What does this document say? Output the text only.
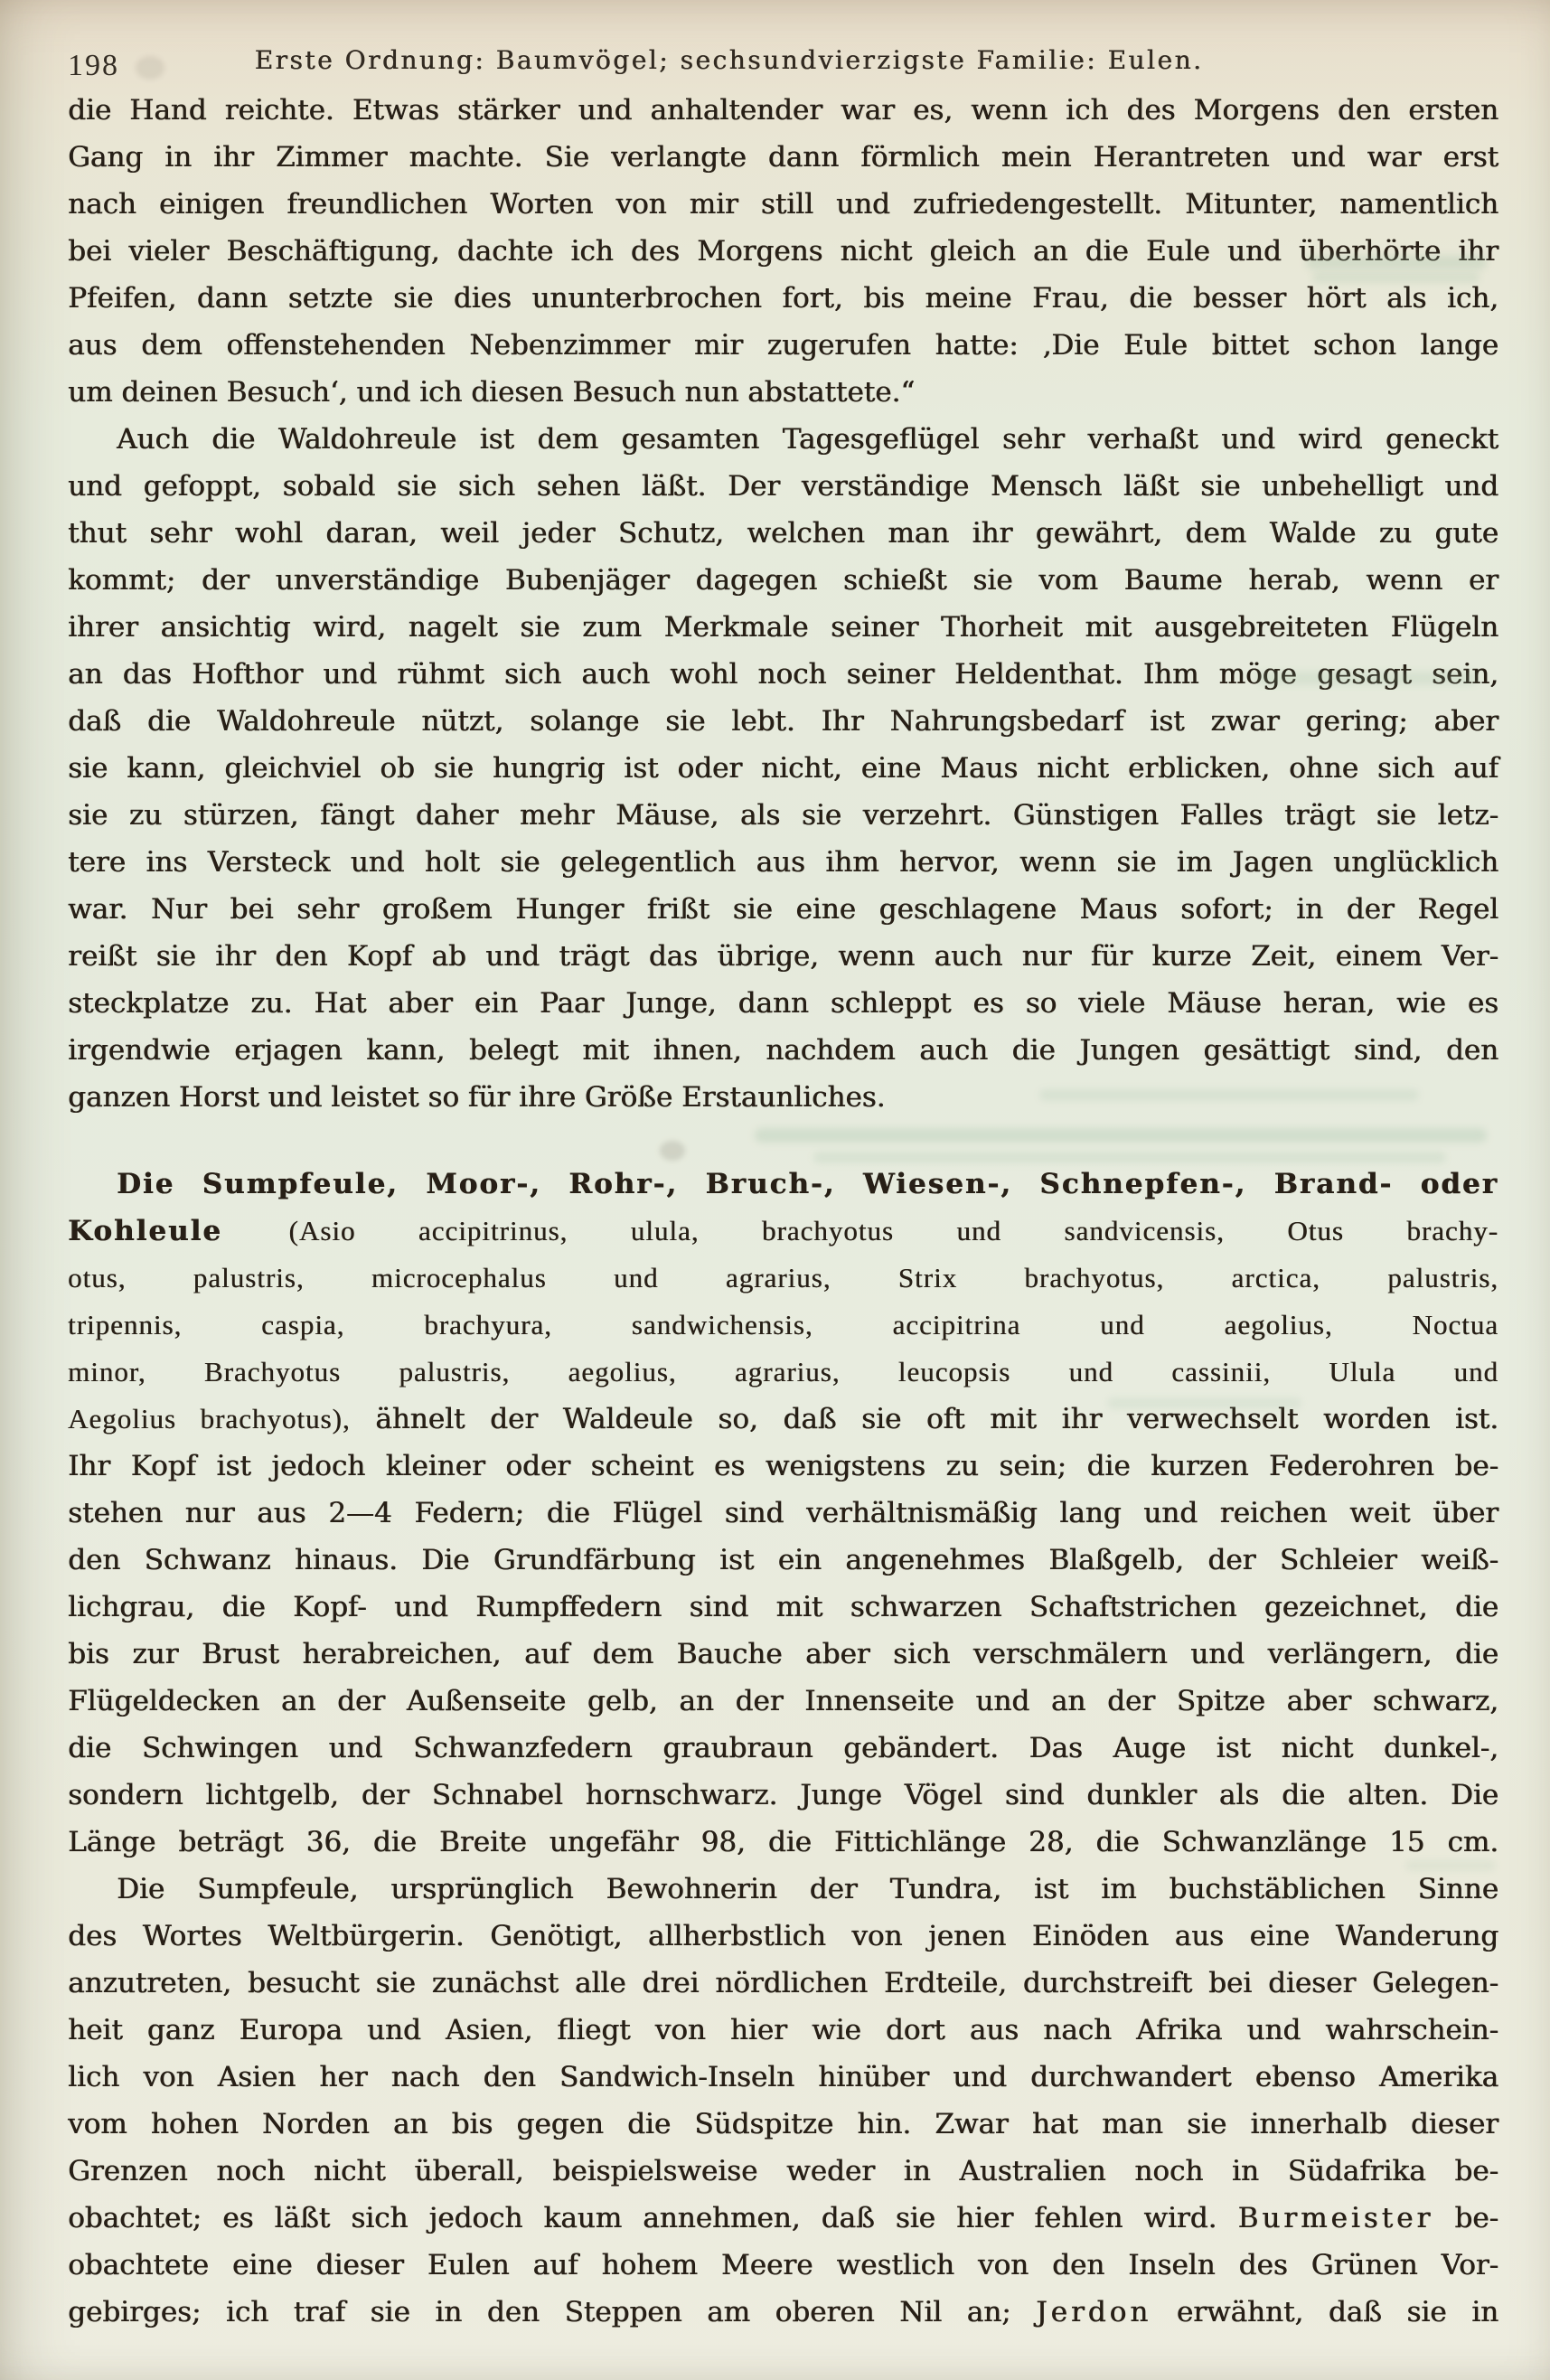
198	Erste Ordnung: Baumvögel; sechsundvierzigste Familie: Eulen.
die Hand reichte. Etwas stärker und anhaltender war es, wenn ich des Morgens den ersten
Gang in ihr Zimmer machte. Sie verlangte dann förmlich mein Herantreten und war erst
nach einigen freundlichen Worten von mir still und zufriedengestellt. Mitunter, namentlich
bei vieler Beschäftigung, dachte ich des Morgens nicht gleich an die Eule und überhörte ihr
Pfeifen, dann setzte sie dies ununterbrochen fort, bis meine Frau, die besser hört als ich,
aus dem offenstehenden Nebenzimmer mir zugerufen hatte: ‚Die Eule bittet schon lange
um deinen Besuch‘, und ich diesen Besuch nun abstattete.“
Auch die Waldohreule ist dem gesamten Tagesgeflügel sehr verhaßt und wird geneckt
und gefoppt, sobald sie sich sehen läßt. Der verständige Mensch läßt sie unbehelligt und
thut sehr wohl daran, weil jeder Schutz, welchen man ihr gewährt, dem Walde zu gute
kommt; der unverständige Bubenjäger dagegen schießt sie vom Baume herab, wenn er
ihrer ansichtig wird, nagelt sie zum Merkmale seiner Thorheit mit ausgebreiteten Flügeln
an das Hofthor und rühmt sich auch wohl noch seiner Heldenthat. Ihm möge gesagt sein,
daß die Waldohreule nützt, solange sie lebt. Ihr Nahrungsbedarf ist zwar gering; aber
sie kann, gleichviel ob sie hungrig ist oder nicht, eine Maus nicht erblicken, ohne sich auf
sie zu stürzen, fängt daher mehr Mäuse, als sie verzehrt. Günstigen Falles trägt sie letz-
tere ins Versteck und holt sie gelegentlich aus ihm hervor, wenn sie im Jagen unglücklich
war. Nur bei sehr großem Hunger frißt sie eine geschlagene Maus sofort; in der Regel
reißt sie ihr den Kopf ab und trägt das übrige, wenn auch nur für kurze Zeit, einem Ver-
steckplatze zu. Hat aber ein Paar Junge, dann schleppt es so viele Mäuse heran, wie es
irgendwie erjagen kann, belegt mit ihnen, nachdem auch die Jungen gesättigt sind, den
ganzen Horst und leistet so für ihre Größe Erstaunliches.
Die Sumpfeule, Moor-, Rohr-, Bruch-, Wiesen-, Schnepfen-, Brand- oder
Kohleule (Asio accipitrinus, ulula, brachyotus und sandvicensis, Otus brachy-
otus, palustris, microcephalus und agrarius, Strix brachyotus, arctica, palustris,
tripennis, caspia, brachyura, sandwichensis, accipitrina und aegolius, Noctua
minor, Brachyotus palustris, aegolius, agrarius, leucopsis und cassinii, Ulula und
Aegolius brachyotus), ähnelt der Waldeule so, daß sie oft mit ihr verwechselt worden ist.
Ihr Kopf ist jedoch kleiner oder scheint es wenigstens zu sein; die kurzen Federohren be-
stehen nur aus 2—4 Federn; die Flügel sind verhältnismäßig lang und reichen weit über
den Schwanz hinaus. Die Grundfärbung ist ein angenehmes Blaßgelb, der Schleier weiß-
lichgrau, die Kopf- und Rumpffedern sind mit schwarzen Schaftstrichen gezeichnet, die
bis zur Brust herabreichen, auf dem Bauche aber sich verschmälern und verlängern, die
Flügeldecken an der Außenseite gelb, an der Innenseite und an der Spitze aber schwarz,
die Schwingen und Schwanzfedern graubraun gebändert. Das Auge ist nicht dunkel-,
sondern lichtgelb, der Schnabel hornschwarz. Junge Vögel sind dunkler als die alten. Die
Länge beträgt 36, die Breite ungefähr 98, die Fittichlänge 28, die Schwanzlänge 15 cm.
Die Sumpfeule, ursprünglich Bewohnerin der Tundra, ist im buchstäblichen Sinne
des Wortes Weltbürgerin. Genötigt, allherbstlich von jenen Einöden aus eine Wanderung
anzutreten, besucht sie zunächst alle drei nördlichen Erdteile, durchstreift bei dieser Gelegen-
heit ganz Europa und Asien, fliegt von hier wie dort aus nach Afrika und wahrschein-
lich von Asien her nach den Sandwich-Inseln hinüber und durchwandert ebenso Amerika
vom hohen Norden an bis gegen die Südspitze hin. Zwar hat man sie innerhalb dieser
Grenzen noch nicht überall, beispielsweise weder in Australien noch in Südafrika be-
obachtet; es läßt sich jedoch kaum annehmen, daß sie hier fehlen wird. Burmeister be-
obachtete eine dieser Eulen auf hohem Meere westlich von den Inseln des Grünen Vor-
gebirges; ich traf sie in den Steppen am oberen Nil an; Jerdon erwähnt, daß sie in
